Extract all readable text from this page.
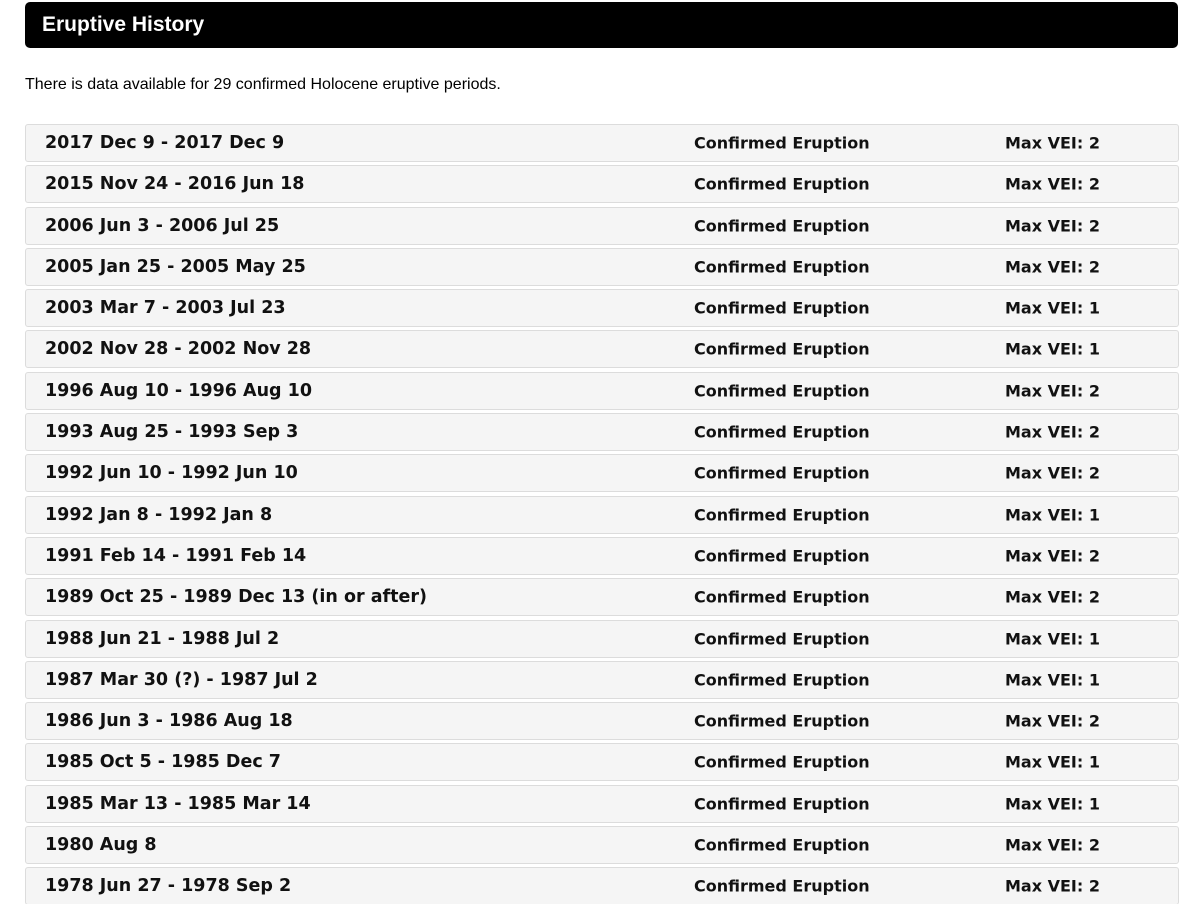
Eruptive History
There is data available for 29 confirmed Holocene eruptive periods.
2017 Dec 9 - 2017 Dec 9	Confirmed Eruption	Max VEI: 2
2015 Nov 24 - 2016 Jun 18	Confirmed Eruption	Max VEI: 2
2006 Jun 3 - 2006 Jul 25	Confirmed Eruption	Max VEI: 2
2005 Jan 25 - 2005 May 25	Confirmed Eruption	Max VEI: 2
2003 Mar 7 - 2003 Jul 23	Confirmed Eruption	Max VEI: 1
2002 Nov 28 - 2002 Nov 28	Confirmed Eruption	Max VEI: 1
1996 Aug 10 - 1996 Aug 10	Confirmed Eruption	Max VEI: 2
1993 Aug 25 - 1993 Sep 3	Confirmed Eruption	Max VEI: 2
1992 Jun 10 - 1992 Jun 10	Confirmed Eruption	Max VEI: 2
1992 Jan 8 - 1992 Jan 8	Confirmed Eruption	Max VEI: 1
1991 Feb 14 - 1991 Feb 14	Confirmed Eruption	Max VEI: 2
1989 Oct 25 - 1989 Dec 13 (in or after)	Confirmed Eruption	Max VEI: 2
1988 Jun 21 - 1988 Jul 2	Confirmed Eruption	Max VEI: 1
1987 Mar 30 (?) - 1987 Jul 2	Confirmed Eruption	Max VEI: 1
1986 Jun 3 - 1986 Aug 18	Confirmed Eruption	Max VEI: 2
1985 Oct 5 - 1985 Dec 7	Confirmed Eruption	Max VEI: 1
1985 Mar 13 - 1985 Mar 14	Confirmed Eruption	Max VEI: 1
1980 Aug 8	Confirmed Eruption	Max VEI: 2
1978 Jun 27 - 1978 Sep 2	Confirmed Eruption	Max VEI: 2
